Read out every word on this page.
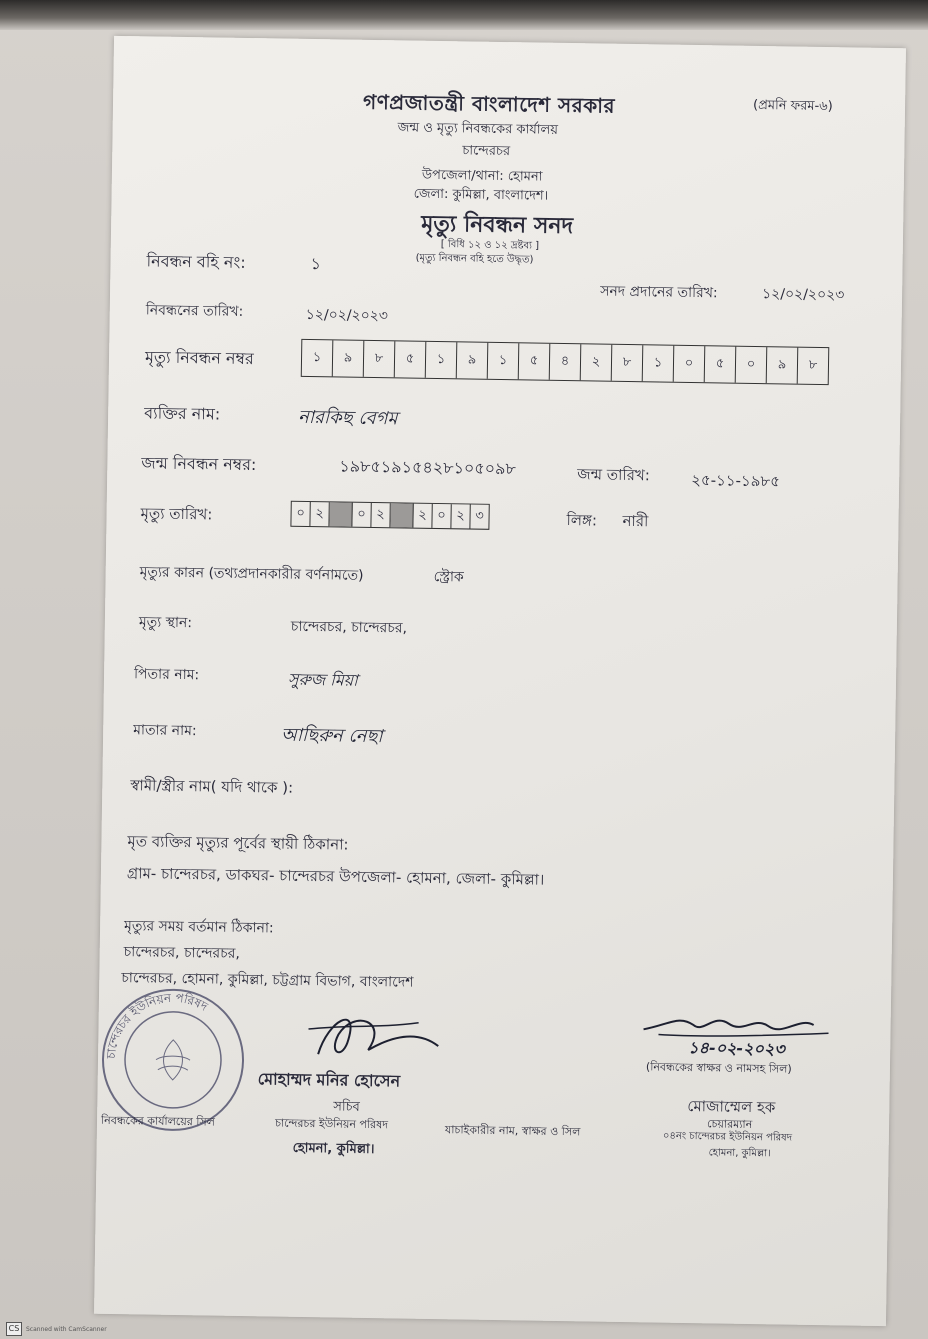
গণপ্রজাতন্ত্রী বাংলাদেশ সরকার	(প্রমনি ফরম-৬)
জন্ম ও মৃত্যু নিবন্ধকের কার্যালয়
চান্দেরচর
উপজেলা/থানা: হোমনা
জেলা: কুমিল্লা, বাংলাদেশ।
মৃত্যু নিবন্ধন সনদ
[ বিধি ১২ ও ১২ দ্রষ্টব্য ]
(মৃত্যু নিবন্ধন বহি হতে উদ্ধৃত)
নিবন্ধন বহি নং:	১
সনদ প্রদানের তারিখ:	১২/০২/২০২৩
নিবন্ধনের তারিখ:	১২/০২/২০২৩
মৃত্যু নিবন্ধন নম্বর	১	৯	৮	৫	১	৯	১	৫	৪	২	৮	১	০	৫	০	৯	৮
ব্যক্তির নাম:	নারকিছ বেগম
জন্ম নিবন্ধন নম্বর:	১৯৮৫১৯১৫৪২৮১০৫০৯৮	জন্ম তারিখ:	২৫-১১-১৯৮৫
মৃত্যু তারিখ:	০ ২	০ ২	২ ০ ২ ৩	লিঙ্গ: নারী
মৃত্যুর কারন (তথ্যপ্রদানকারীর বর্ণনামতে)	স্ট্রোক
মৃত্যু স্থান:	চান্দেরচর, চান্দেরচর,
পিতার নাম:	সুরুজ মিয়া
মাতার নাম:	আছিরুন নেছা
স্বামী/স্ত্রীর নাম( যদি থাকে ):
মৃত ব্যক্তির মৃত্যুর পূর্বের স্থায়ী ঠিকানা:
গ্রাম- চান্দেরচর, ডাকঘর- চান্দেরচর উপজেলা- হোমনা, জেলা- কুমিল্লা।
মৃত্যুর সময় বর্তমান ঠিকানা:
চান্দেরচর, চান্দেরচর,
চান্দেরচর, হোমনা, কুমিল্লা, চট্টগ্রাম বিভাগ, বাংলাদেশ
চান্দেরচর ইউনিয়ন পরিষদ
মোহাম্মদ মনির হোসেন
সচিব
নিবন্ধকের কার্যালয়ের সিল	চান্দেরচর ইউনিয়ন পরিষদ
হোমনা, কুমিল্লা।
যাচাইকারীর নাম, স্বাক্ষর ও সিল
১৪-০২-২০২৩
(নিবন্ধকের স্বাক্ষর ও নামসহ সিল)
মোজাম্মেল হক
চেয়ারম্যান
০৪নং চান্দেরচর ইউনিয়ন পরিষদ
হোমনা, কুমিল্লা।
CS	Scanned with CamScanner
